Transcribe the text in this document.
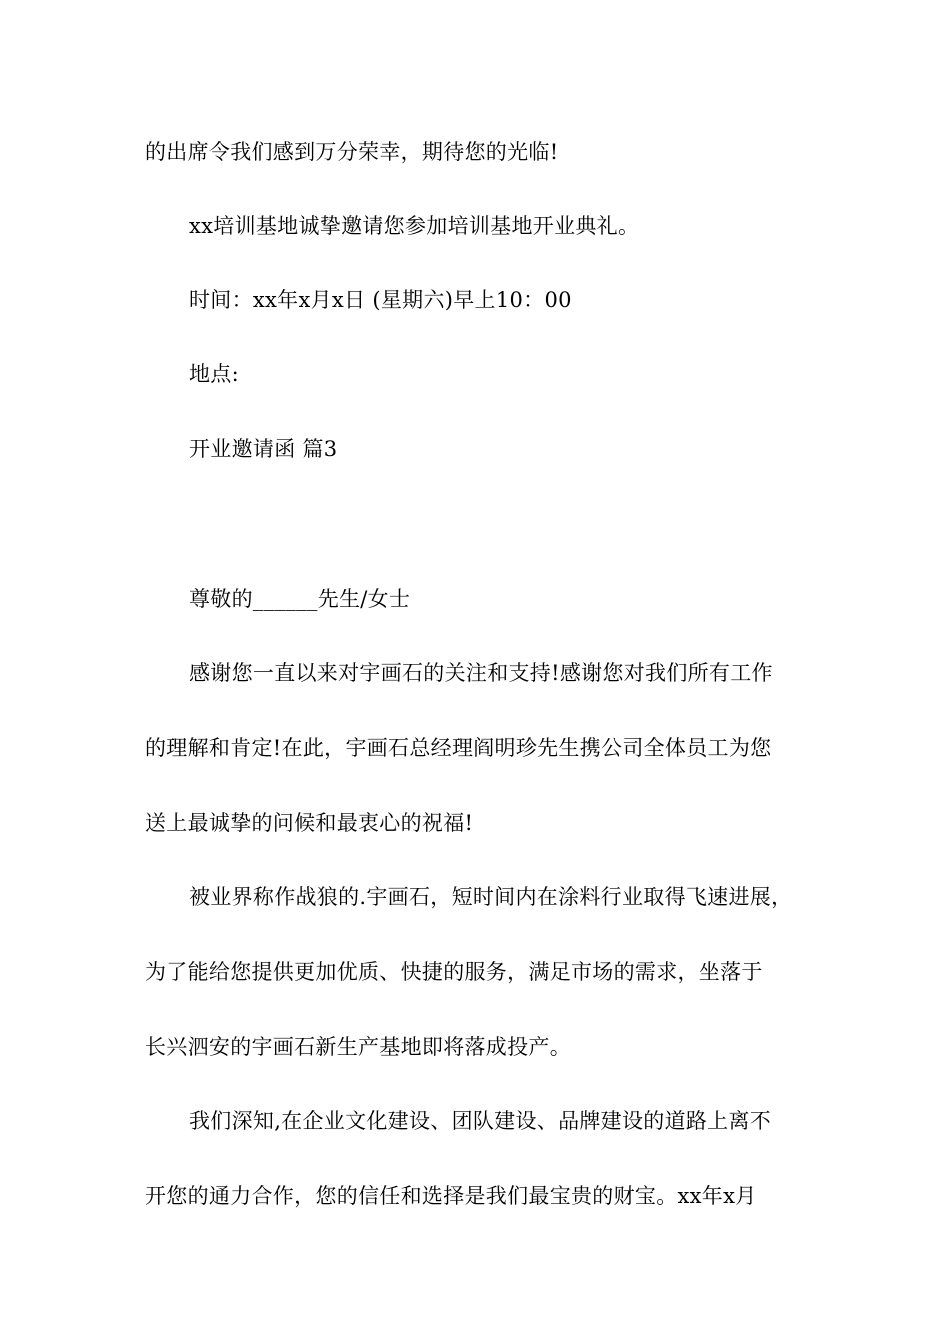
的出席令我们感到万分荣幸，期待您的光临!
xx培训基地诚挚邀请您参加培训基地开业典礼。
时间：xx年x月x日 (星期六)早上10：00
地点:
开业邀请函 篇3
尊敬的______先生/女士
感谢您一直以来对宇画石的关注和支持!感谢您对我们所有工作
的理解和肯定!在此，宇画石总经理阎明珍先生携公司全体员工为您
送上最诚挚的问候和最衷心的祝福!
被业界称作战狼的.宇画石，短时间内在涂料行业取得飞速进展，
为了能给您提供更加优质、快捷的服务，满足市场的需求，坐落于
长兴泗安的宇画石新生产基地即将落成投产。
我们深知,在企业文化建设、团队建设、品牌建设的道路上离不
开您的通力合作，您的信任和选择是我们最宝贵的财宝。xx年x月
